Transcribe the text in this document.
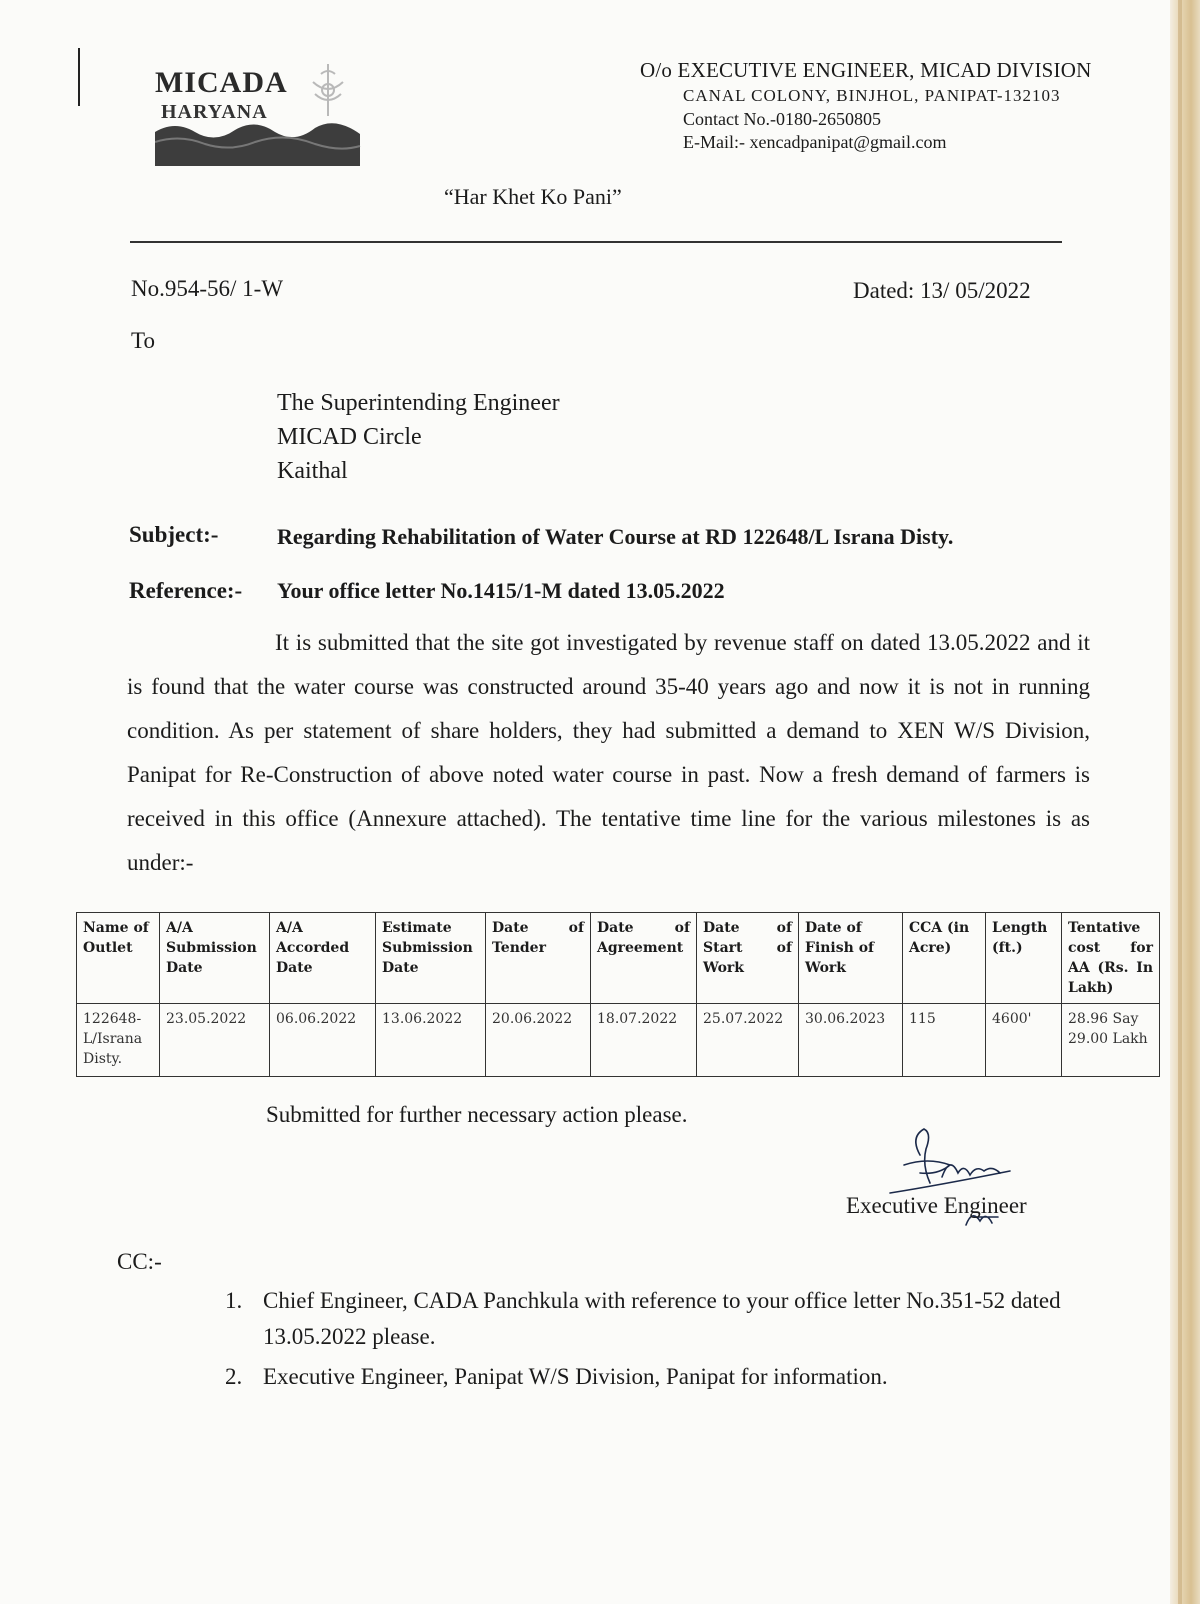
MICADA
HARYANA
O/o EXECUTIVE ENGINEER, MICAD DIVISION
CANAL COLONY, BINJHOL, PANIPAT-132103
Contact No.-0180-2650805
E-Mail:- xencadpanipat@gmail.com
“Har Khet Ko Pani”
No.954-56/ 1-W	Dated: 13/ 05/2022
To
The Superintending Engineer
MICAD Circle
Kaithal
Subject:-	Regarding Rehabilitation of Water Course at RD 122648/L Israna Disty.
Reference:- Your office letter No.1415/1-M dated 13.05.2022
It is submitted that the site got investigated by revenue staff on dated 13.05.2022 and it is found that the water course was constructed around 35-40 years ago and now it is not in running condition. As per statement of share holders, they had submitted a demand to XEN W/S Division, Panipat for Re-Construction of above noted water course in past. Now a fresh demand of farmers is received in this office (Annexure attached). The tentative time line for the various milestones is as under:-
Name of Outlet	A/A Submission Date	A/A Accorded Date	Estimate Submission Date	Date of Tender	Date of Agreement	Date of Start of Work	Date of Finish of Work	CCA (in Acre)	Length (ft.)	Tentative cost for AA (Rs. In Lakh)
122648-L/Israna Disty.	23.05.2022	06.06.2022	13.06.2022	20.06.2022	18.07.2022	25.07.2022	30.06.2023	115	4600'	28.96 Say 29.00 Lakh
Submitted for further necessary action please.
Executive Engineer
CC:-
1. Chief Engineer, CADA Panchkula with reference to your office letter No.351-52 dated 13.05.2022 please.
2. Executive Engineer, Panipat W/S Division, Panipat for information.
